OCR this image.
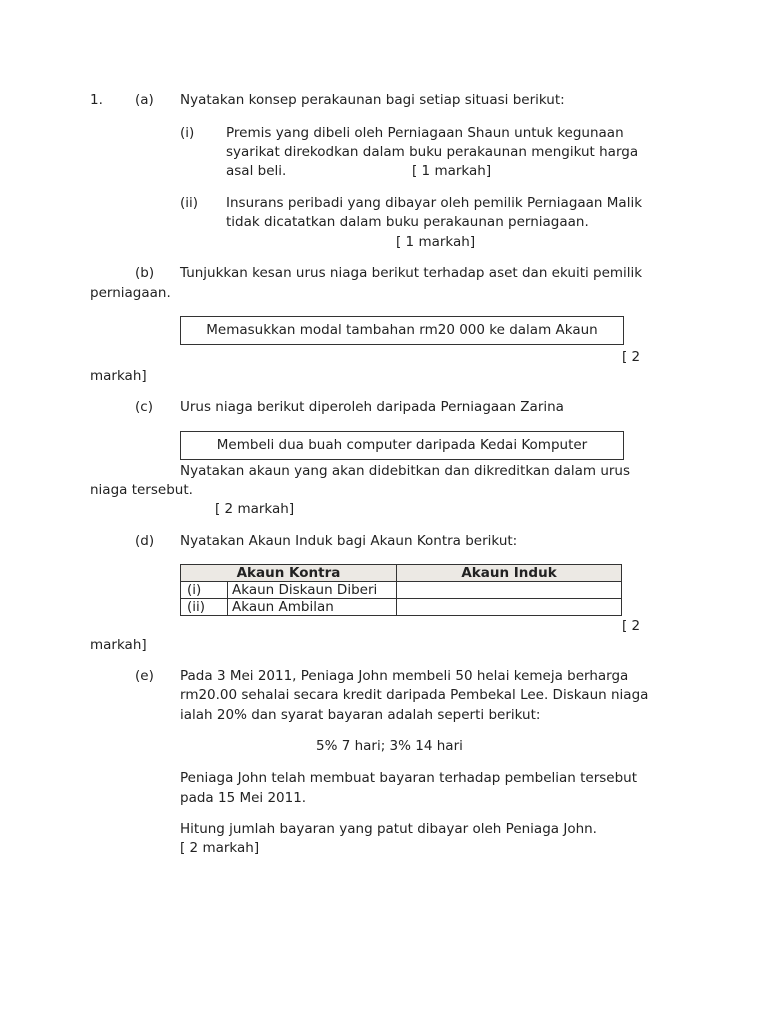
1. (a) Nyatakan konsep perakaunan bagi setiap situasi berikut:
(i) Premis yang dibeli oleh Perniagaan Shaun untuk kegunaan
syarikat direkodkan dalam buku perakaunan mengikut harga
asal beli.	[ 1 markah]
(ii) Insurans peribadi yang dibayar oleh pemilik Perniagaan Malik
tidak dicatatkan dalam buku perakaunan perniagaan.
[ 1 markah]
(b) Tunjukkan kesan urus niaga berikut terhadap aset dan ekuiti pemilik
perniagaan.
Memasukkan modal tambahan rm20 000 ke dalam Akaun
[ 2
markah]
(c) Urus niaga berikut diperoleh daripada Perniagaan Zarina
Membeli dua buah computer daripada Kedai Komputer
Nyatakan akaun yang akan didebitkan dan dikreditkan dalam urus
niaga tersebut.
[ 2 markah]
(d) Nyatakan Akaun Induk bagi Akaun Kontra berikut:
Akaun Kontra		Akaun Induk
(i)	Akaun Diskaun Diberi	
(ii)	Akaun Ambilan	
[ 2
markah]
(e) Pada 3 Mei 2011, Peniaga John membeli 50 helai kemeja berharga
rm20.00 sehalai secara kredit daripada Pembekal Lee. Diskaun niaga
ialah 20% dan syarat bayaran adalah seperti berikut:
5% 7 hari; 3% 14 hari
Peniaga John telah membuat bayaran terhadap pembelian tersebut
pada 15 Mei 2011.
Hitung jumlah bayaran yang patut dibayar oleh Peniaga John.
[ 2 markah]
